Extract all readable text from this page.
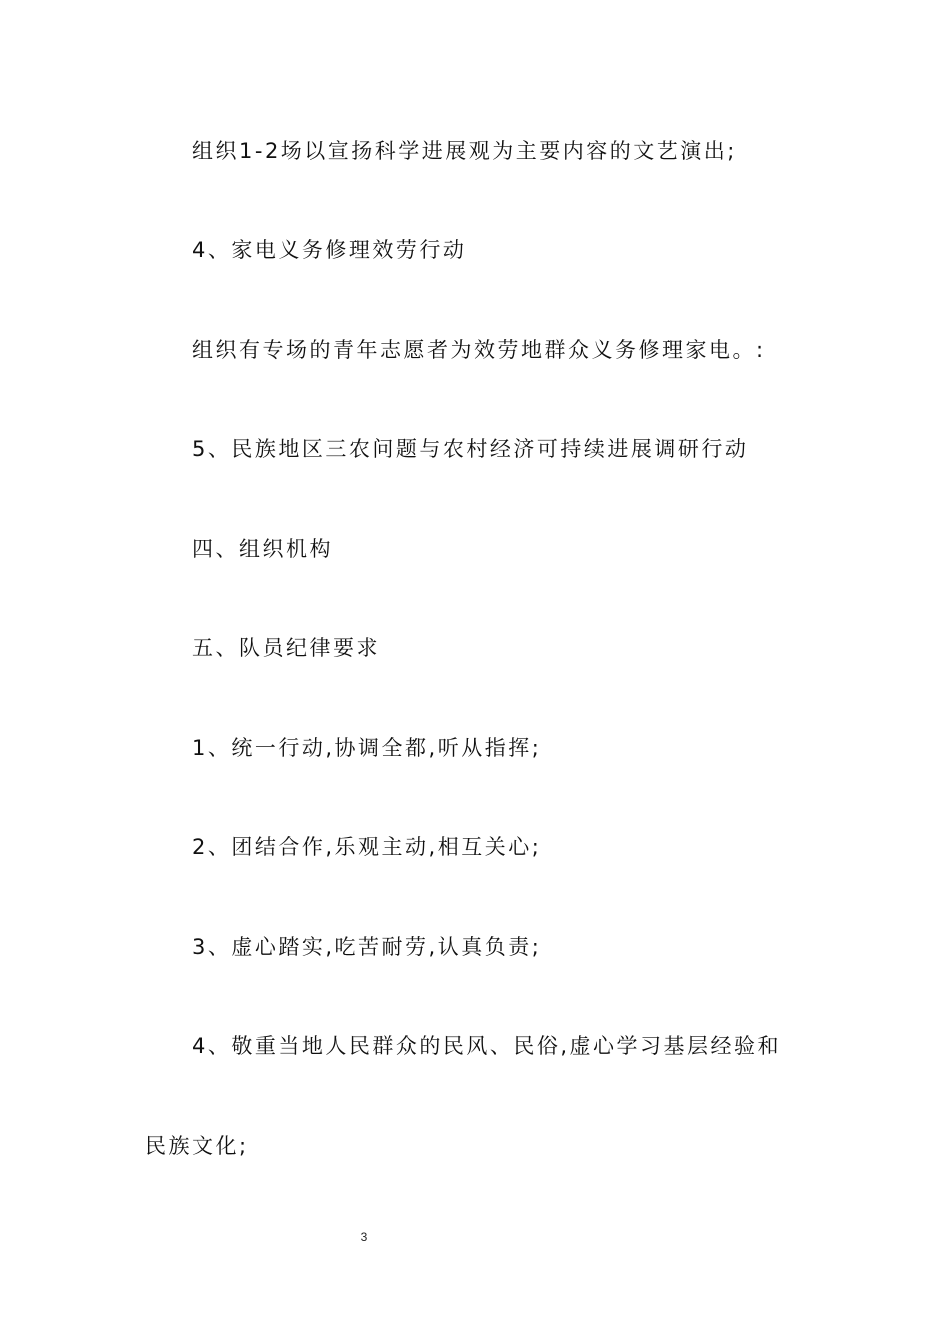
组织1-2场以宣扬科学进展观为主要内容的文艺演出;

4、家电义务修理效劳行动

组织有专场的青年志愿者为效劳地群众义务修理家电。:

5、民族地区三农问题与农村经济可持续进展调研行动

四、组织机构

五、队员纪律要求

1、统一行动,协调全都,听从指挥;

2、团结合作,乐观主动,相互关心;

3、虚心踏实,吃苦耐劳,认真负责;

4、敬重当地人民群众的民风、民俗,虚心学习基层经验和

民族文化;

3
